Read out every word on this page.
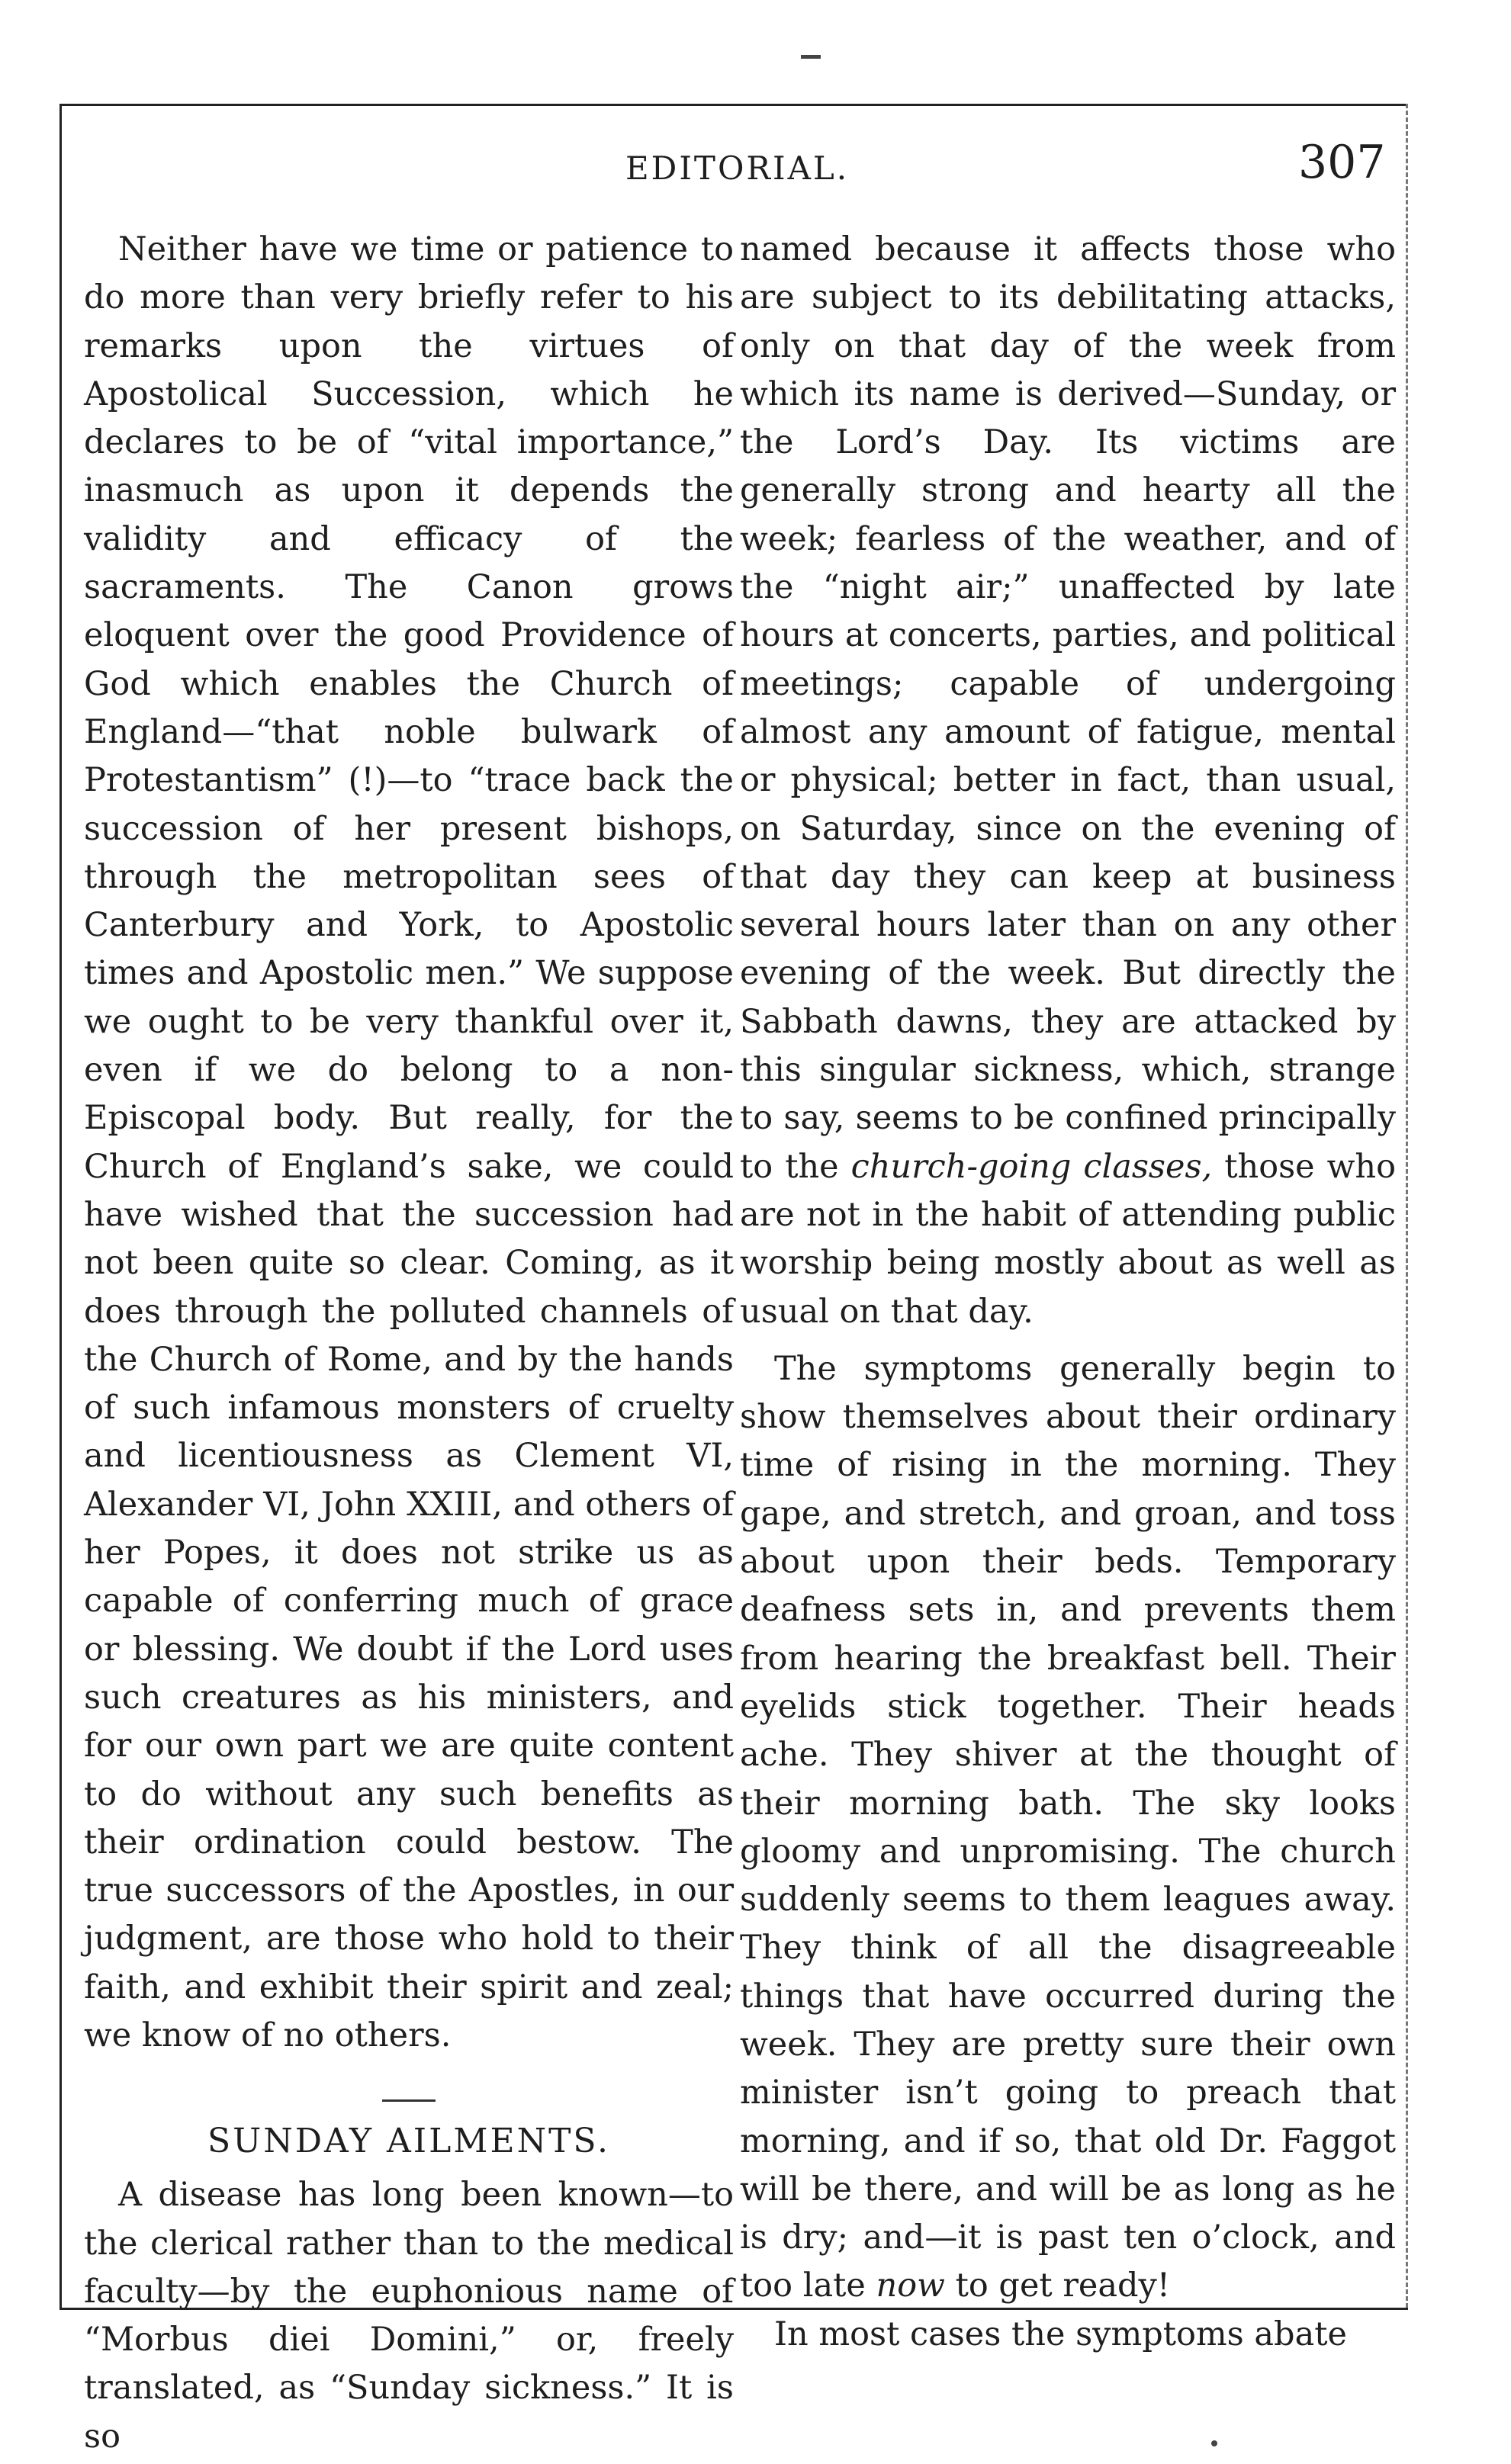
EDITORIAL.	307

Neither have we time or patience to do more than very briefly refer to his remarks upon the virtues of Apostolical Succession, which he declares to be of “vital importance,” inasmuch as upon it depends the validity and efficacy of the sacraments. The Canon grows eloquent over the good Providence of God which enables the Church of England—“that noble bulwark of Protestantism” (!)—to “trace back the succession of her present bishops, through the metropolitan sees of Canterbury and York, to Apostolic times and Apostolic men.” We suppose we ought to be very thankful over it, even if we do belong to a non-Episcopal body. But really, for the Church of England’s sake, we could have wished that the succession had not been quite so clear. Coming, as it does through the polluted channels of the Church of Rome, and by the hands of such infamous monsters of cruelty and licentiousness as Clement VI, Alexander VI, John XXIII, and others of her Popes, it does not strike us as capable of conferring much of grace or blessing. We doubt if the Lord uses such creatures as his ministers, and for our own part we are quite content to do without any such benefits as their ordination could bestow. The true successors of the Apostles, in our judgment, are those who hold to their faith, and exhibit their spirit and zeal; we know of no others.

SUNDAY AILMENTS.

A disease has long been known—to the clerical rather than to the medical faculty—by the euphonious name of “Morbus diei Domini,” or, freely translated, as “Sunday sickness.” It is so

named because it affects those who are subject to its debilitating attacks, only on that day of the week from which its name is derived—Sunday, or the Lord’s Day. Its victims are generally strong and hearty all the week; fearless of the weather, and of the “night air;” unaffected by late hours at concerts, parties, and political meetings; capable of undergoing almost any amount of fatigue, mental or physical; better in fact, than usual, on Saturday, since on the evening of that day they can keep at business several hours later than on any other evening of the week. But directly the Sabbath dawns, they are attacked by this singular sickness, which, strange to say, seems to be confined principally to the church-going classes, those who are not in the habit of attending public worship being mostly about as well as usual on that day.

The symptoms generally begin to show themselves about their ordinary time of rising in the morning. They gape, and stretch, and groan, and toss about upon their beds. Temporary deafness sets in, and prevents them from hearing the breakfast bell. Their eyelids stick together. Their heads ache. They shiver at the thought of their morning bath. The sky looks gloomy and unpromising. The church suddenly seems to them leagues away. They think of all the disagreeable things that have occurred during the week. They are pretty sure their own minister isn’t going to preach that morning, and if so, that old Dr. Faggot will be there, and will be as long as he is dry; and—it is past ten o’clock, and too late now to get ready!

In most cases the symptoms abate
